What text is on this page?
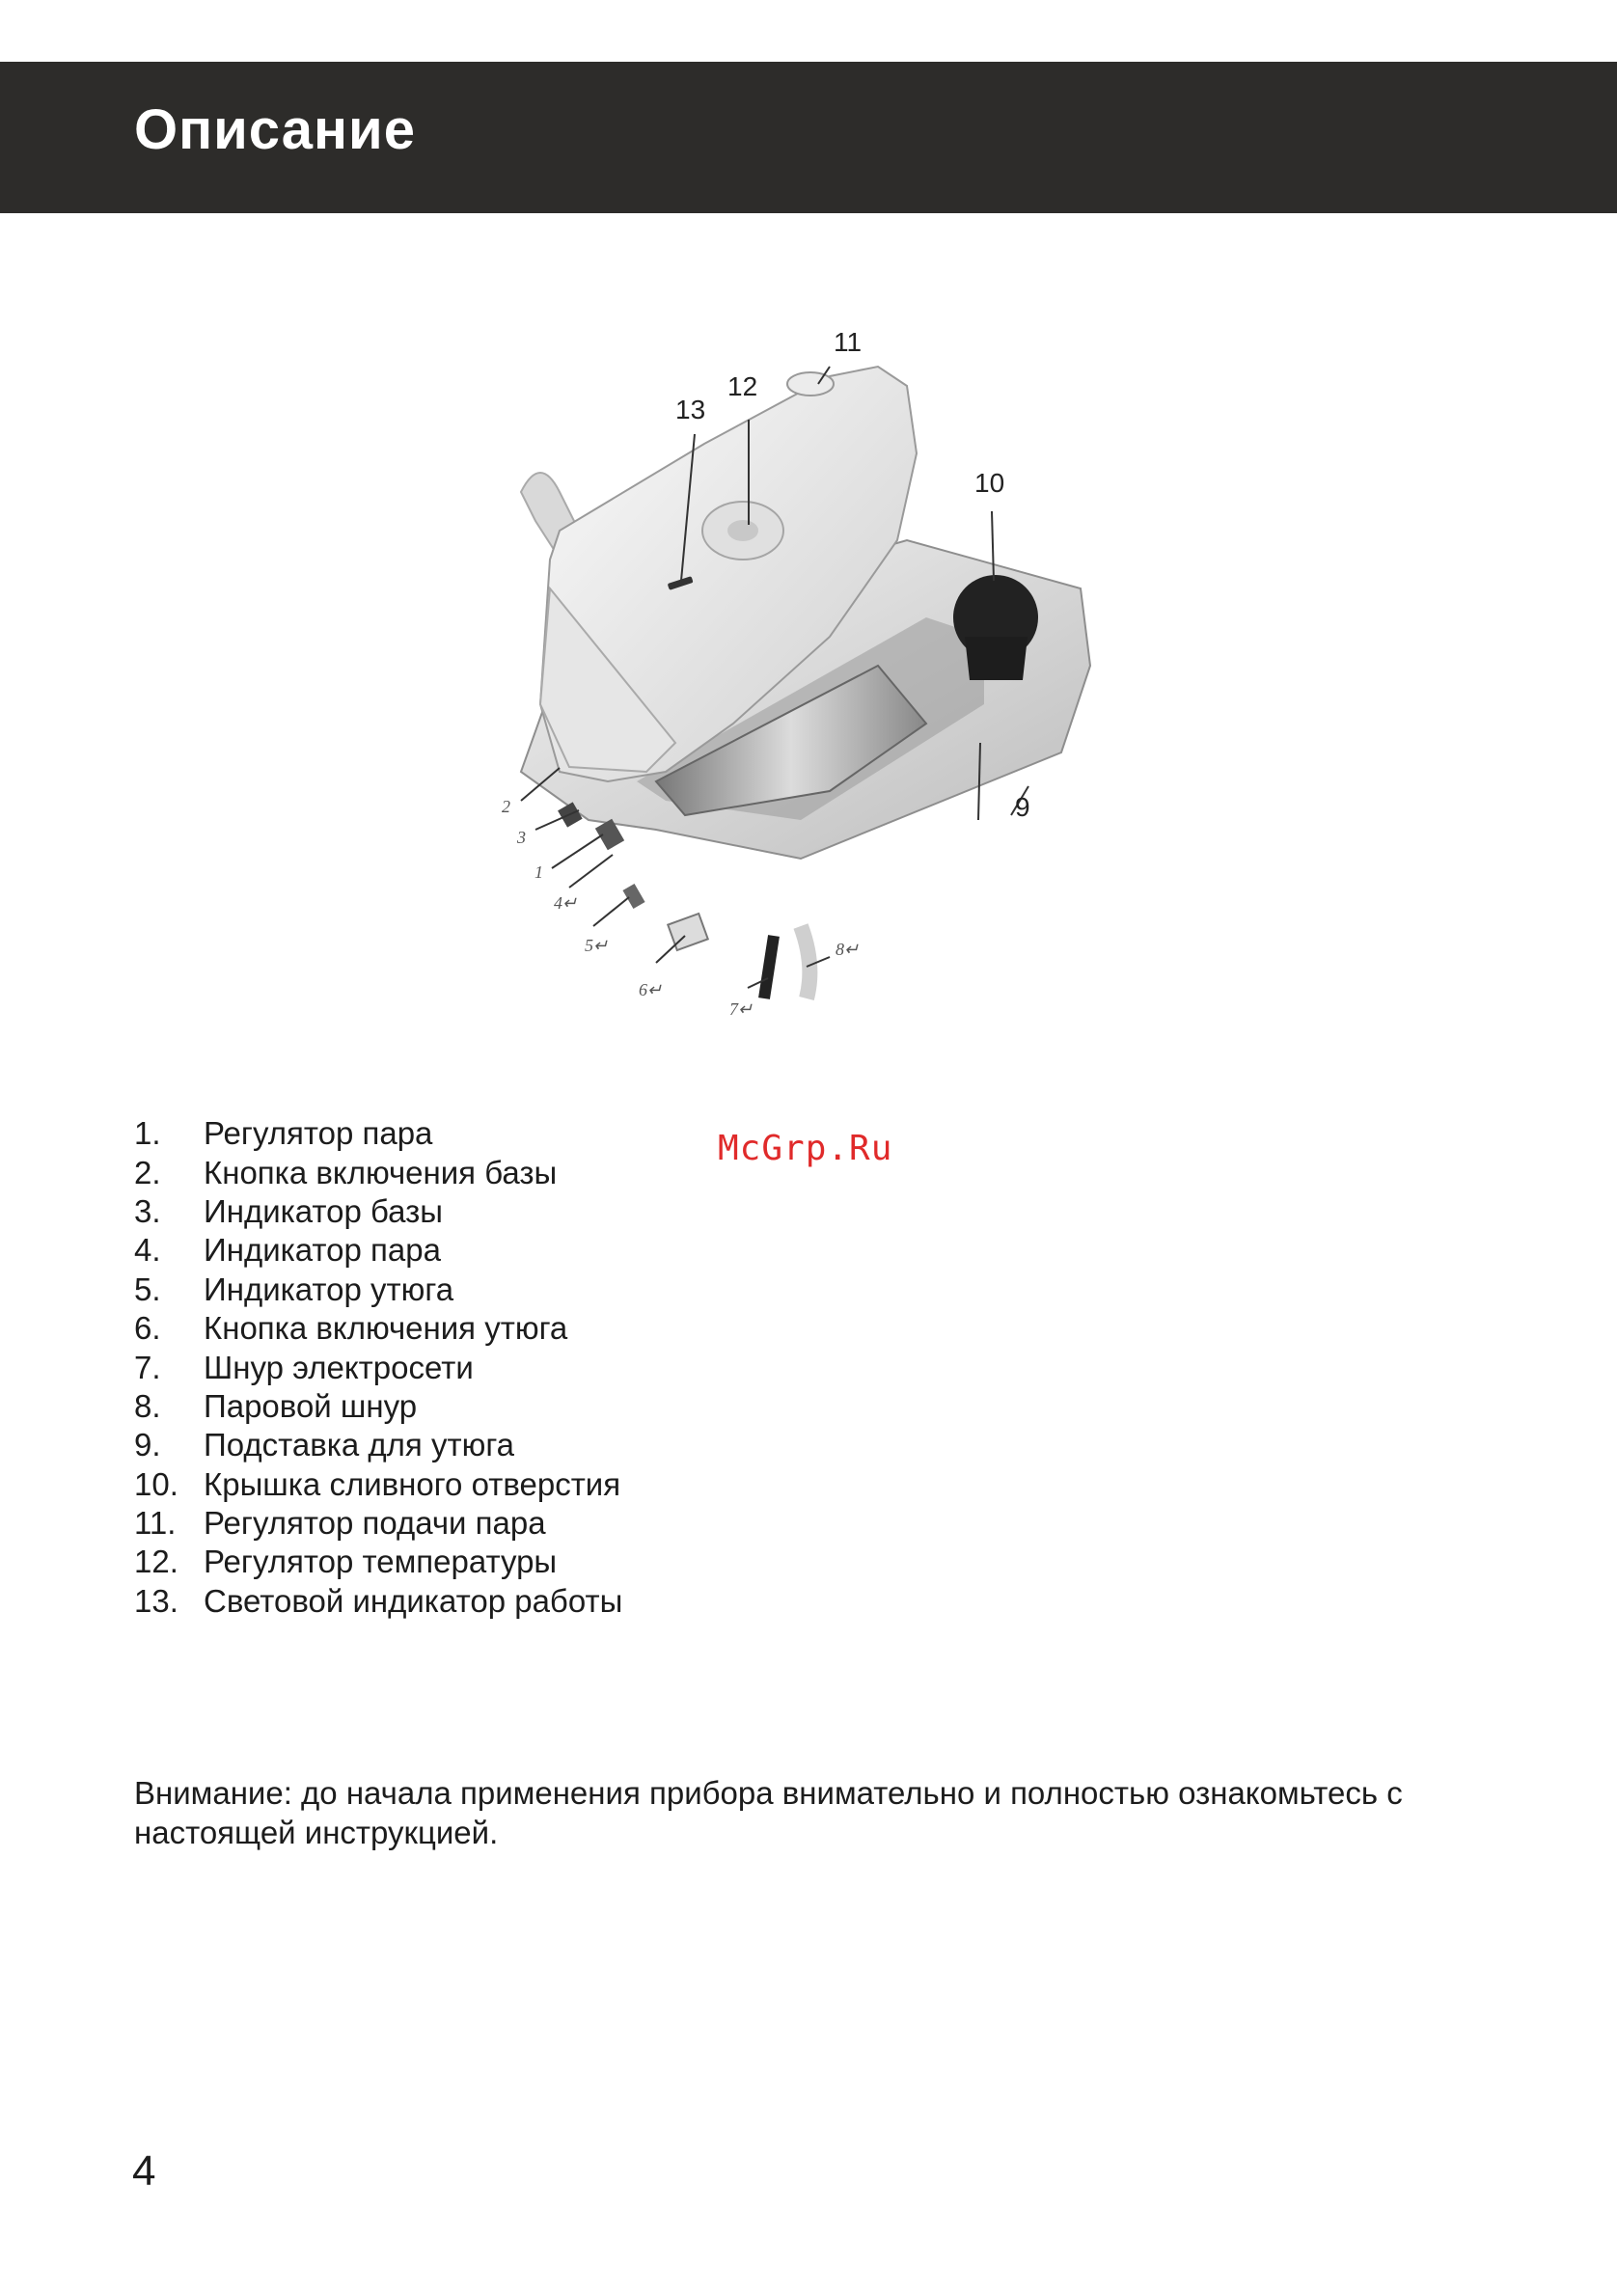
Описание
11
12
13
10
9
2
3
1
4↵
5↵
6↵
7↵
8↵
McGrp.Ru
1.	Регулятор пара
2.	Кнопка включения базы
3.	Индикатор базы
4.	Индикатор пара
5.	Индикатор утюга
6.	Кнопка включения утюга
7.	Шнур электросети
8.	Паровой шнур
9.	Подставка для утюга
10. Крышка сливного отверстия
11. Регулятор подачи пара
12. Регулятор температуры
13. Световой индикатор работы

Внимание: до начала применения прибора внимательно и полностью ознакомьтесь с настоящей инструкцией.

4
